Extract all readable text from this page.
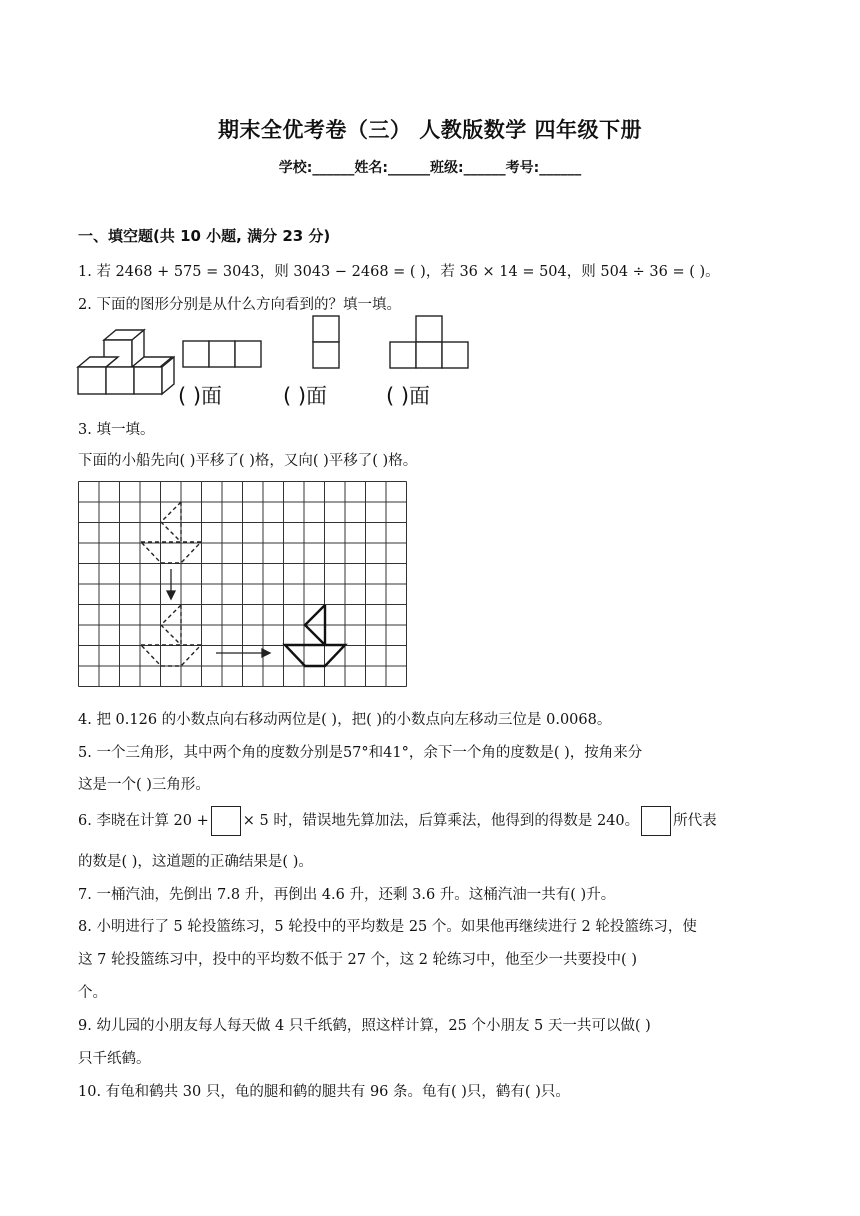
期末全优考卷（三） 人教版数学 四年级下册
学校:______姓名:______班级:______考号:______
一、填空题(共 10 小题, 满分 23 分)
1. 若 2468 + 575 = 3043，则 3043 − 2468 = ( )，若 36 × 14 = 504，则 504 ÷ 36 = ( )。
2. 下面的图形分别是从什么方向看到的？填一填。
( )面	( )面	( )面
3. 填一填。
下面的小船先向( )平移了( )格，又向( )平移了( )格。
4. 把 0.126 的小数点向右移动两位是( )，把( )的小数点向左移动三位是 0.0068。
5. 一个三角形，其中两个角的度数分别是57°和41°，余下一个角的度数是( )，按角来分
这是一个( )三角形。
6. 李晓在计算 20 + × 5 时，错误地先算加法，后算乘法，他得到的得数是 240。 所代表
的数是( )，这道题的正确结果是( )。
7. 一桶汽油，先倒出 7.8 升，再倒出 4.6 升，还剩 3.6 升。这桶汽油一共有( )升。
8. 小明进行了 5 轮投篮练习，5 轮投中的平均数是 25 个。如果他再继续进行 2 轮投篮练习，使
这 7 轮投篮练习中，投中的平均数不低于 27 个，这 2 轮练习中，他至少一共要投中( )
个。
9. 幼儿园的小朋友每人每天做 4 只千纸鹤，照这样计算，25 个小朋友 5 天一共可以做( )
只千纸鹤。
10. 有龟和鹤共 30 只，龟的腿和鹤的腿共有 96 条。龟有( )只，鹤有( )只。
